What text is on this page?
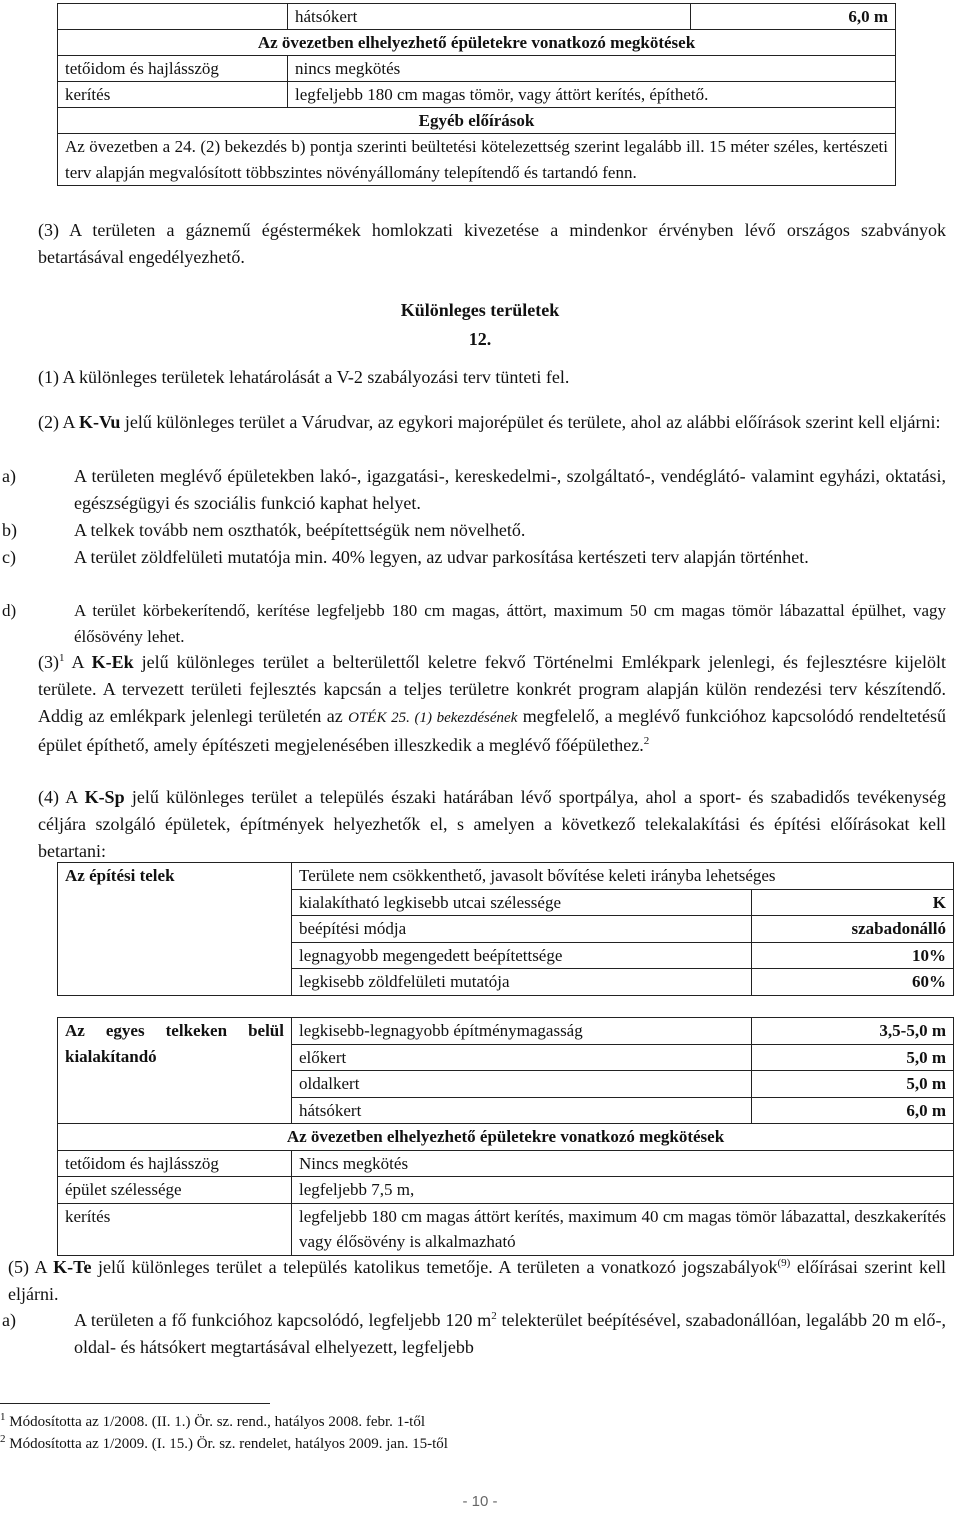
	hátsókert	6,0 m
Az övezetben elhelyezhető épületekre vonatkozó megkötések		
tetőidom és hajlásszög	nincs megkötés	
kerítés	legfeljebb 180 cm magas tömör, vagy áttört kerítés, építhető.	
Egyéb előírások		
Az övezetben a 24. (2) bekezdés b) pontja szerinti beültetési kötelezettség szerint legalább ill. 15 méter széles, kertészeti terv alapján megvalósított többszintes növényállomány telepítendő és tartandó fenn.		
(3) A területen a gáznemű égéstermékek homlokzati kivezetése a mindenkor érvényben lévő országos szabványok betartásával engedélyezhető.
Különleges területek
12.
(1) A különleges területek lehatárolását a V-2 szabályozási terv tünteti fel.
(2) A K-Vu jelű különleges terület a Várudvar, az egykori majorépület és területe, ahol az alábbi előírások szerint kell eljárni:
a)	A területen meglévő épületekben lakó-, igazgatási-, kereskedelmi-, szolgáltató-, vendéglátó- valamint egyházi, oktatási, egészségügyi és szociális funkció kaphat helyet.
b)	A telkek tovább nem oszthatók, beépítettségük nem növelhető.
c)	A terület zöldfelületi mutatója min. 40% legyen, az udvar parkosítása kertészeti terv alapján történhet.
d)	A terület körbekerítendő, kerítése legfeljebb 180 cm magas, áttört, maximum 50 cm magas tömör lábazattal épülhet, vagy élősövény lehet.
$(3)^1$ A K-Ek jelű különleges terület a belterülettől keletre fekvő Történelmi Emlékpark jelenlegi, és fejlesztésre kijelölt területe. A tervezett területi fejlesztés kapcsán a teljes területre konkrét program alapján külön rendezési terv készítendő. Addig az emlékpark jelenlegi területén az OTÉK 25. (1) bekezdésének megfelelő, a meglévő funkcióhoz kapcsolódó rendeltetésű épület építhető, amely építészeti megjelenésében illeszkedik a meglévő főépülethez.$^2$
(4) A K-Sp jelű különleges terület a település északi határában lévő sportpálya, ahol a sport- és szabadidős tevékenység céljára szolgáló épületek, építmények helyezhetők el, s amelyen a következő telekalakítási és építési előírásokat kell betartani:
Az építési telek	Területe nem csökkenthető, javasolt bővítése keleti irányba lehetséges	
	kialakítható legkisebb utcai szélessége	K
	beépítési módja	szabadonálló
	legnagyobb megengedett beépítettsége	10%
	legkisebb zöldfelületi mutatója	60%
Az egyes telkeken belül kialakítandó	legkisebb-legnagyobb építménymagasság	3,5-5,0 m
	előkert	5,0 m
	oldalkert	5,0 m
	hátsókert	6,0 m
Az övezetben elhelyezhető épületekre vonatkozó megkötések		
tetőidom és hajlásszög	Nincs megkötés	
épület szélessége	legfeljebb 7,5 m,	
kerítés	legfeljebb 180 cm magas áttört kerítés, maximum 40 cm magas tömör lábazattal, deszkakerítés vagy élősövény is alkalmazható	
(5) A K-Te jelű különleges terület a település katolikus temetője. A területen a vonatkozó jogszabályok$^{(9)}$ előírásai szerint kell eljárni.
a)	A területen a fő funkcióhoz kapcsolódó, legfeljebb 120 $m^2$ telekterület beépítésével, szabadonállóan, legalább 20 m elő-, oldal- és hátsókert megtartásával elhelyezett, legfeljebb
$^1$ Módosította az 1/2008. (II. 1.) Ör. sz. rend., hatályos 2008. febr. 1-től
$^2$ Módosította az 1/2009. (I. 15.) Ör. sz. rendelet, hatályos 2009. jan. 15-től
- 10 -
